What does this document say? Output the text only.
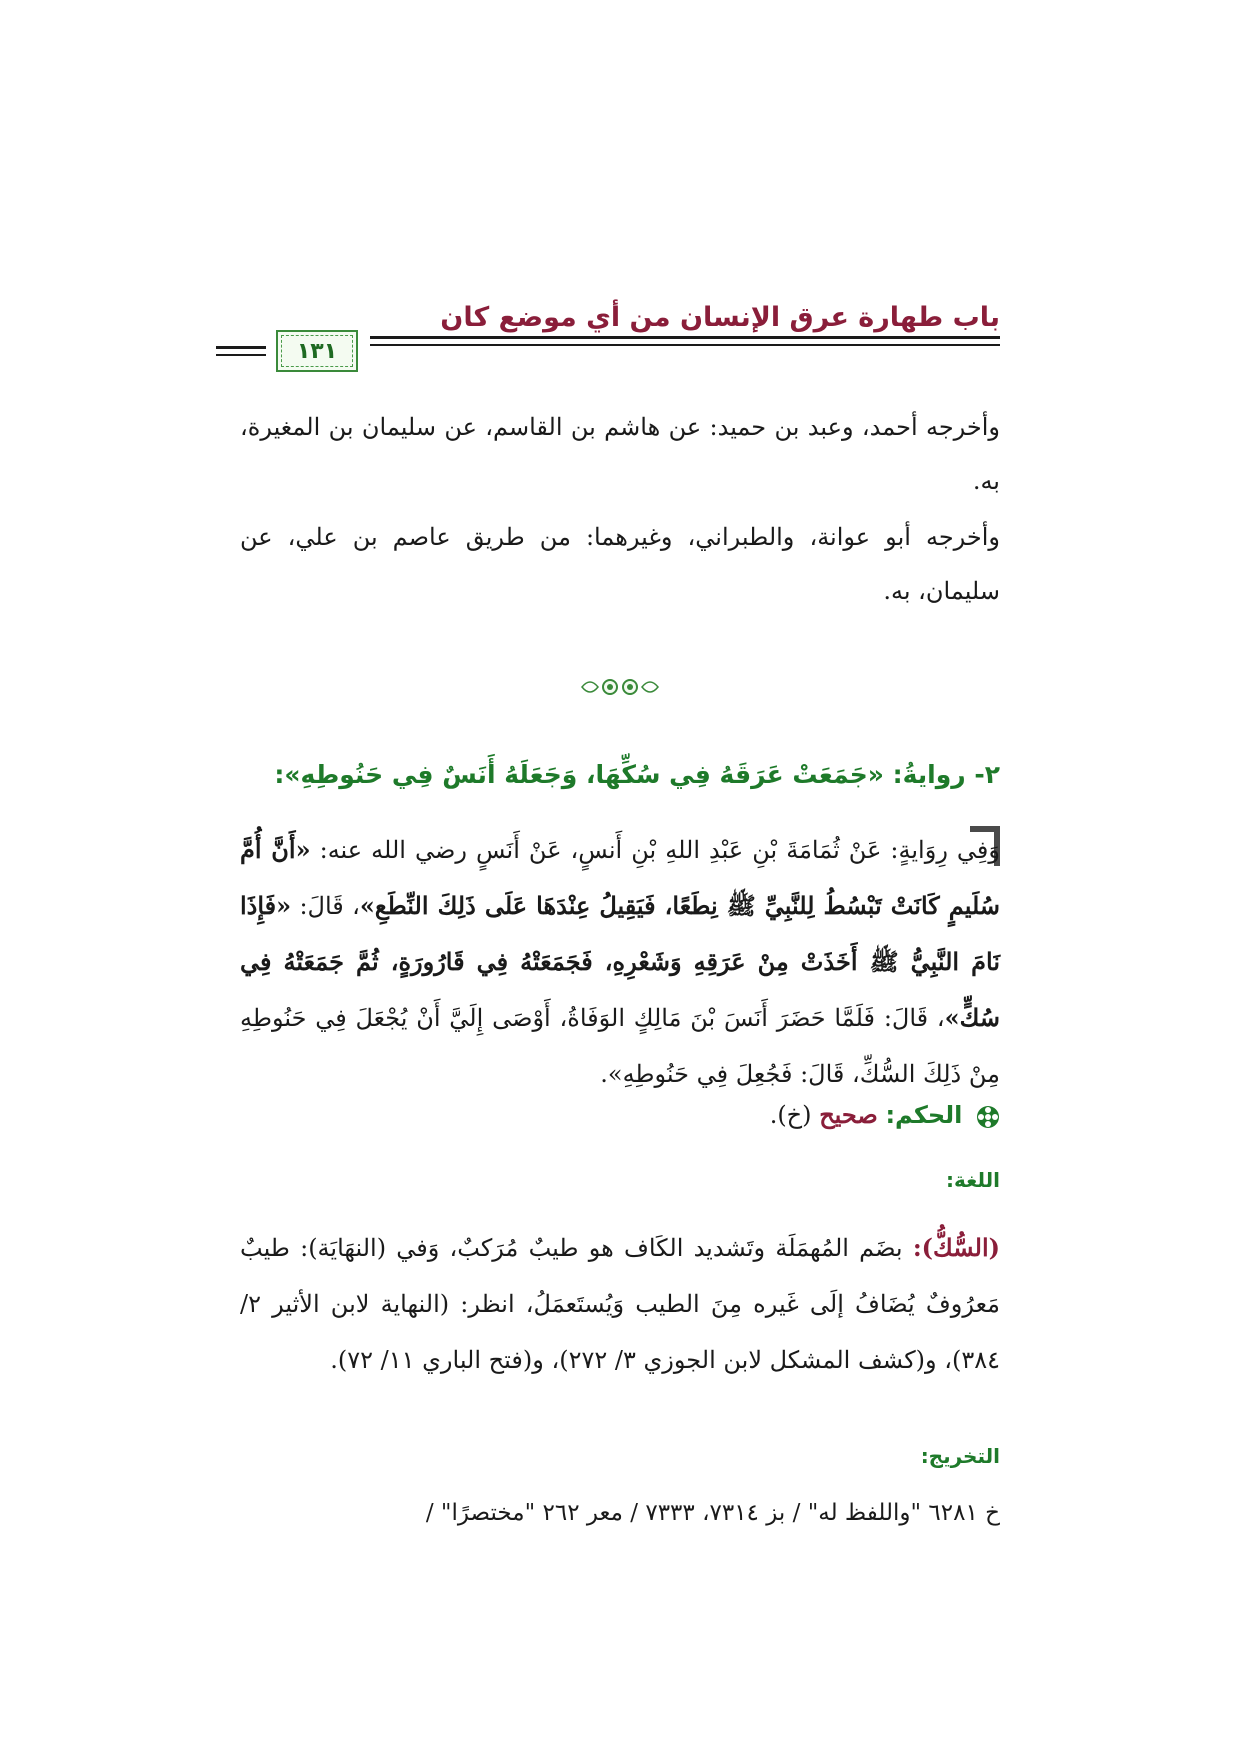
باب طهارة عرق الإنسان من أي موضع كان
١٣١
وأخرجه أحمد، وعبد بن حميد: عن هاشم بن القاسم، عن سليمان بن المغيرة، به.
وأخرجه أبو عوانة، والطبراني، وغيرهما: من طريق عاصم بن علي، عن سليمان، به.
٢- روايةُ: «جَمَعَتْ عَرَقَهُ فِي سُكِّهَا، وَجَعَلَهُ أَنَسٌ فِي حَنُوطِهِ»:
وَفِي رِوَايةٍ: عَنْ ثُمَامَةَ بْنِ عَبْدِ اللهِ بْنِ أَنسٍ، عَنْ أَنَسٍ رضي الله عنه: «أَنَّ أُمَّ سُلَيمٍ كَانَتْ تَبْسُطُ لِلنَّبِيِّ ﷺ نِطَعًا، فَيَقِيلُ عِنْدَهَا عَلَى ذَلِكَ النِّطَعِ»، قَالَ: «فَإِذَا نَامَ النَّبِيُّ ﷺ أَخَذَتْ مِنْ عَرَقِهِ وَشَعْرِهِ، فَجَمَعَتْهُ فِي قَارُورَةٍ، ثُمَّ جَمَعَتْهُ فِي سُكٍّ»، قَالَ: فَلَمَّا حَضَرَ أَنَسَ بْنَ مَالِكٍ الوَفَاةُ، أَوْصَى إِلَيَّ أَنْ يُجْعَلَ فِي حَنُوطِهِ مِنْ ذَلِكَ السُّكِّ، قَالَ: فَجُعِلَ فِي حَنُوطِهِ».
الحكم: صحيح (خ).
اللغة:
(السُّكُّ): بضَم المُهمَلَة وتَشديد الكَاف هو طيبٌ مُرَكبٌ، وَفي (النهَايَة): طيبٌ مَعرُوفٌ يُضَافُ إلَى غَيره مِنَ الطيب وَيُستَعمَلُ، انظر: (النهاية لابن الأثير ٢/ ٣٨٤)، و(كشف المشكل لابن الجوزي ٣/ ٢٧٢)، و(فتح الباري ١١/ ٧٢).
التخريج:
خ ٦٢٨١ "واللفظ له" / بز ٧٣١٤، ٧٣٣٣ / معر ٢٦٢ "مختصرًا" /
